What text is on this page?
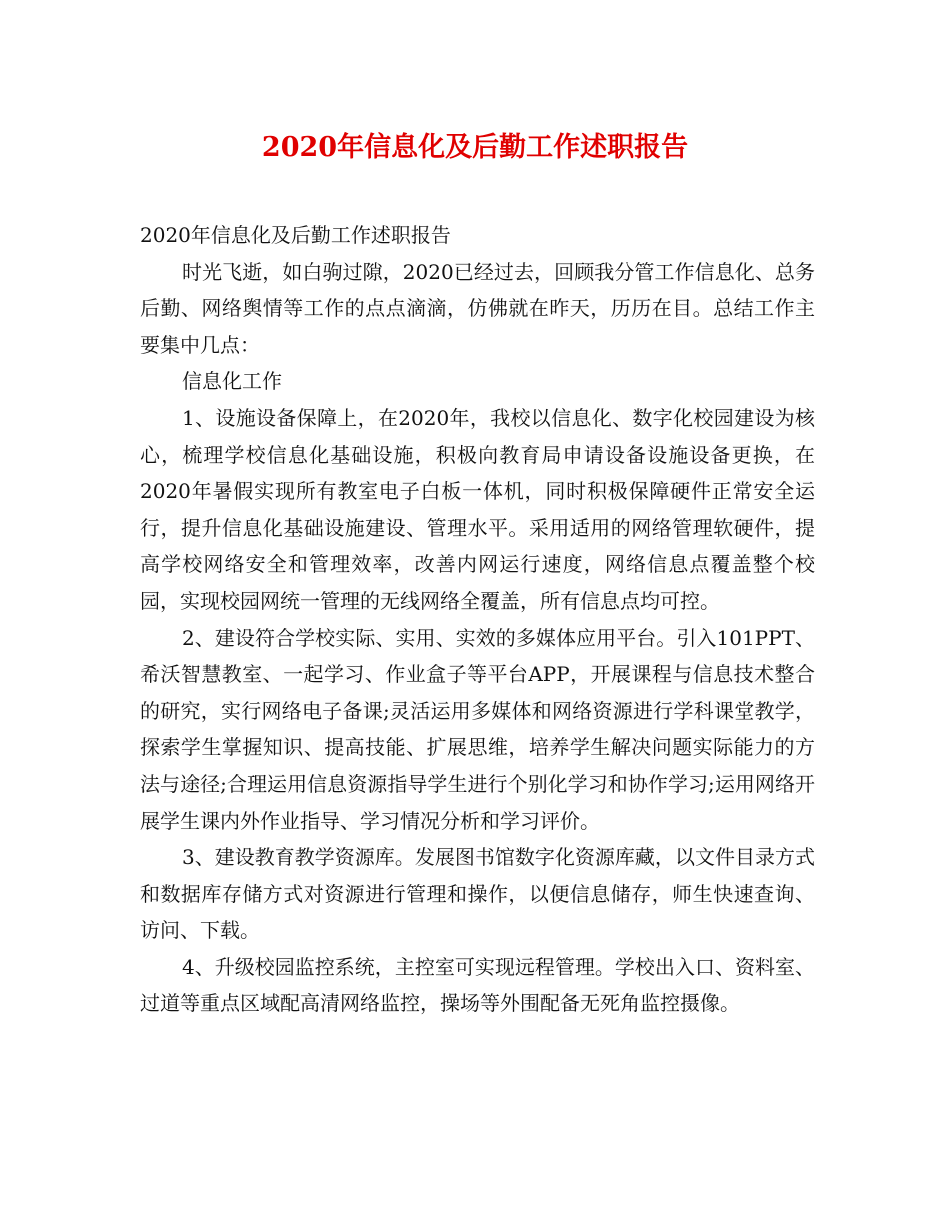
2020年信息化及后勤工作述职报告

2020年信息化及后勤工作述职报告

时光飞逝，如白驹过隙，2020已经过去，回顾我分管工作信息化、总务后勤、网络舆情等工作的点点滴滴，仿佛就在昨天，历历在目。总结工作主要集中几点：

信息化工作

1、设施设备保障上，在2020年，我校以信息化、数字化校园建设为核心，梳理学校信息化基础设施，积极向教育局申请设备设施设备更换，在2020年暑假实现所有教室电子白板一体机，同时积极保障硬件正常安全运行，提升信息化基础设施建设、管理水平。采用适用的网络管理软硬件，提高学校网络安全和管理效率，改善内网运行速度，网络信息点覆盖整个校园，实现校园网统一管理的无线网络全覆盖，所有信息点均可控。

2、建设符合学校实际、实用、实效的多媒体应用平台。引入101PPT、希沃智慧教室、一起学习、作业盒子等平台APP，开展课程与信息技术整合的研究，实行网络电子备课;灵活运用多媒体和网络资源进行学科课堂教学，探索学生掌握知识、提高技能、扩展思维，培养学生解决问题实际能力的方法与途径;合理运用信息资源指导学生进行个别化学习和协作学习;运用网络开展学生课内外作业指导、学习情况分析和学习评价。

3、建设教育教学资源库。发展图书馆数字化资源库藏，以文件目录方式和数据库存储方式对资源进行管理和操作，以便信息储存，师生快速查询、访问、下载。

4、升级校园监控系统，主控室可实现远程管理。学校出入口、资料室、过道等重点区域配高清网络监控，操场等外围配备无死角监控摄像。
